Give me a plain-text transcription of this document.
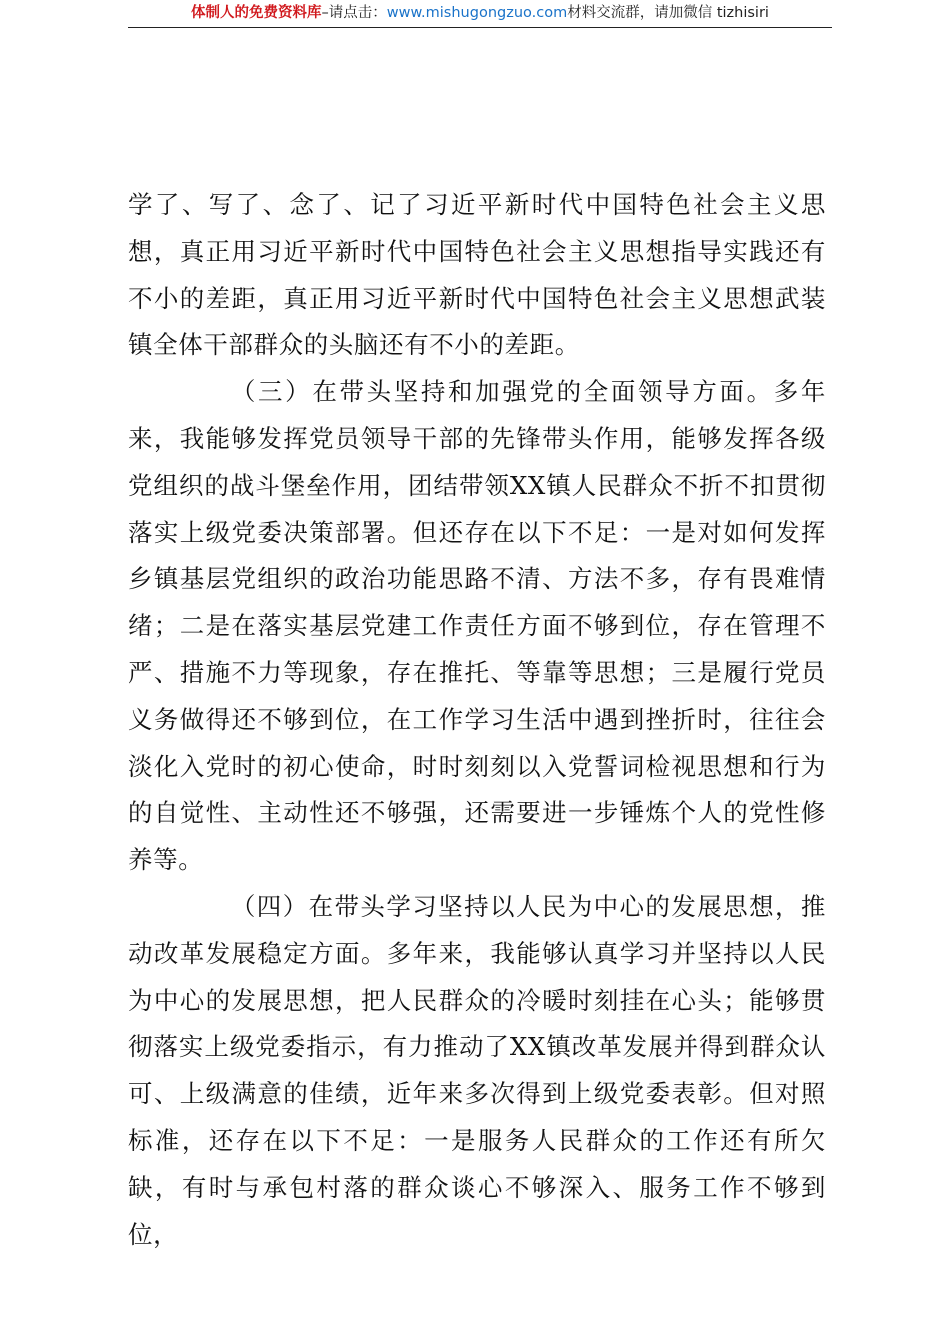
体制人的免费资料库–请点击：www.mishugongzuo.com材料交流群，请加微信 tizhisiri

学了、写了、念了、记了习近平新时代中国特色社会主义思想，真正用习近平新时代中国特色社会主义思想指导实践还有不小的差距，真正用习近平新时代中国特色社会主义思想武装镇全体干部群众的头脑还有不小的差距。

（三）在带头坚持和加强党的全面领导方面。多年来，我能够发挥党员领导干部的先锋带头作用，能够发挥各级党组织的战斗堡垒作用，团结带领XX镇人民群众不折不扣贯彻落实上级党委决策部署。但还存在以下不足：一是对如何发挥乡镇基层党组织的政治功能思路不清、方法不多，存有畏难情绪；二是在落实基层党建工作责任方面不够到位，存在管理不严、措施不力等现象，存在推托、等靠等思想；三是履行党员义务做得还不够到位，在工作学习生活中遇到挫折时，往往会淡化入党时的初心使命，时时刻刻以入党誓词检视思想和行为的自觉性、主动性还不够强，还需要进一步锤炼个人的党性修养等。

（四）在带头学习坚持以人民为中心的发展思想，推动改革发展稳定方面。多年来，我能够认真学习并坚持以人民为中心的发展思想，把人民群众的冷暖时刻挂在心头；能够贯彻落实上级党委指示，有力推动了XX镇改革发展并得到群众认可、上级满意的佳绩，近年来多次得到上级党委表彰。但对照标准，还存在以下不足：一是服务人民群众的工作还有所欠缺，有时与承包村落的群众谈心不够深入、服务工作不够到位，
